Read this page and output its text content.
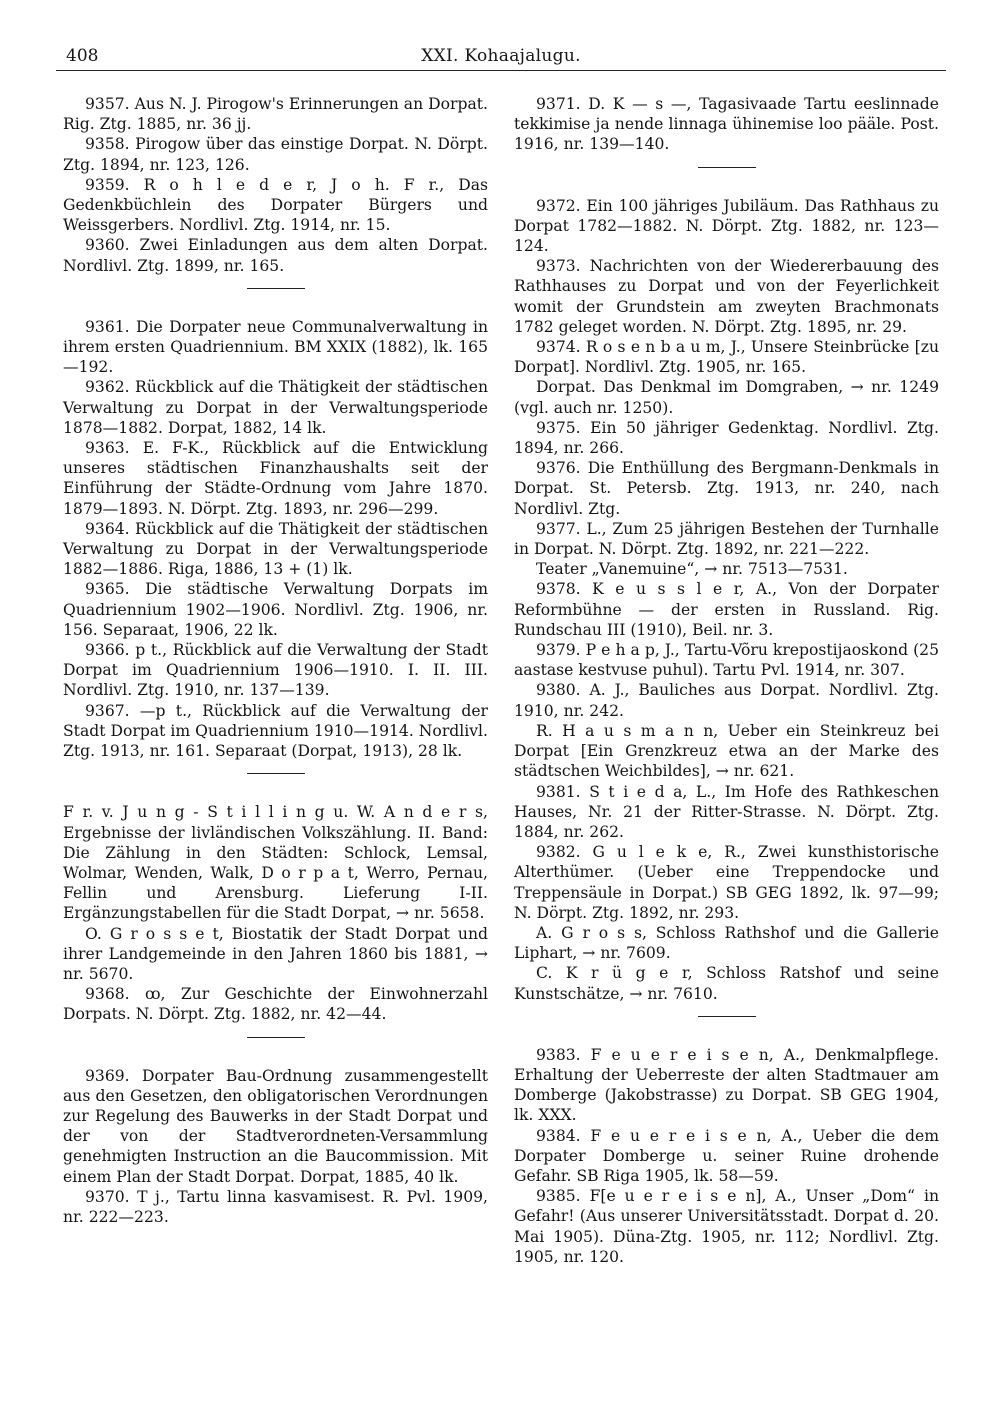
408	XXI. Kohaajalugu.

9357. Aus N. J. Pirogow's Erinnerungen an Dorpat. Rig. Ztg. 1885, nr. 36 jj.

9358. Pirogow über das einstige Dorpat. N. Dörpt. Ztg. 1894, nr. 123, 126.

9359. R o h l e d e r, J o h. F r., Das Gedenkbüchlein des Dorpater Bürgers und Weissgerbers. Nordlivl. Ztg. 1914, nr. 15.

9360. Zwei Einladungen aus dem alten Dorpat. Nordlivl. Ztg. 1899, nr. 165.

9361. Die Dorpater neue Communalverwaltung in ihrem ersten Quadriennium. BM XXIX (1882), lk. 165—192.

9362. Rückblick auf die Thätigkeit der städtischen Verwaltung zu Dorpat in der Verwaltungsperiode 1878—1882. Dorpat, 1882, 14 lk.

9363. E. F-K., Rückblick auf die Entwicklung unseres städtischen Finanzhaushalts seit der Einführung der Städte-Ordnung vom Jahre 1870. 1879—1893. N. Dörpt. Ztg. 1893, nr. 296—299.

9364. Rückblick auf die Thätigkeit der städtischen Verwaltung zu Dorpat in der Verwaltungsperiode 1882—1886. Riga, 1886, 13 + (1) lk.

9365. Die städtische Verwaltung Dorpats im Quadriennium 1902—1906. Nordlivl. Ztg. 1906, nr. 156. Separaat, 1906, 22 lk.

9366. p t., Rückblick auf die Verwaltung der Stadt Dorpat im Quadriennium 1906—1910. I. II. III. Nordlivl. Ztg. 1910, nr. 137—139.

9367. —p t., Rückblick auf die Verwaltung der Stadt Dorpat im Quadriennium 1910—1914. Nordlivl. Ztg. 1913, nr. 161. Separaat (Dorpat, 1913), 28 lk.

F r. v. J u n g - S t i l l i n g u. W. A n d e r s, Ergebnisse der livländischen Volkszählung. II. Band: Die Zählung in den Städten: Schlock, Lemsal, Wolmar, Wenden, Walk, D o r p a t, Werro, Pernau, Fellin und Arensburg. Lieferung I-II. Ergänzungstabellen für die Stadt Dorpat, → nr. 5658.

O. G r o s s e t, Biostatik der Stadt Dorpat und ihrer Landgemeinde in den Jahren 1860 bis 1881, → nr. 5670.

9368. ꝏ, Zur Geschichte der Einwohnerzahl Dorpats. N. Dörpt. Ztg. 1882, nr. 42—44.

9369. Dorpater Bau-Ordnung zusammengestellt aus den Gesetzen, den obligatorischen Verordnungen zur Regelung des Bauwerks in der Stadt Dorpat und der von der Stadtverordneten-Versammlung genehmigten Instruction an die Baucommission. Mit einem Plan der Stadt Dorpat. Dorpat, 1885, 40 lk.

9370. T j., Tartu linna kasvamisest. R. Pvl. 1909, nr. 222—223.

9371. D. K — s —, Tagasivaade Tartu eeslinnade tekkimise ja nende linnaga ühinemise loo pääle. Post. 1916, nr. 139—140.

9372. Ein 100 jähriges Jubiläum. Das Rathhaus zu Dorpat 1782—1882. N. Dörpt. Ztg. 1882, nr. 123—124.

9373. Nachrichten von der Wiedererbauung des Rathhauses zu Dorpat und von der Feyerlichkeit womit der Grundstein am zweyten Brachmonats 1782 geleget worden. N. Dörpt. Ztg. 1895, nr. 29.

9374. R o s e n b a u m, J., Unsere Steinbrücke [zu Dorpat]. Nordlivl. Ztg. 1905, nr. 165.

Dorpat. Das Denkmal im Domgraben, → nr. 1249 (vgl. auch nr. 1250).

9375. Ein 50 jähriger Gedenktag. Nordlivl. Ztg. 1894, nr. 266.

9376. Die Enthüllung des Bergmann-Denkmals in Dorpat. St. Petersb. Ztg. 1913, nr. 240, nach Nordlivl. Ztg.

9377. L., Zum 25 jährigen Bestehen der Turnhalle in Dorpat. N. Dörpt. Ztg. 1892, nr. 221—222.

Teater „Vanemuine“, → nr. 7513—7531.

9378. K e u s s l e r, A., Von der Dorpater Reformbühne — der ersten in Russland. Rig. Rundschau III (1910), Beil. nr. 3.

9379. P e h a p, J., Tartu-Võru krepostijaoskond (25 aastase kestvuse puhul). Tartu Pvl. 1914, nr. 307.

9380. A. J., Bauliches aus Dorpat. Nordlivl. Ztg. 1910, nr. 242.

R. H a u s m a n n, Ueber ein Steinkreuz bei Dorpat [Ein Grenzkreuz etwa an der Marke des städtschen Weichbildes], → nr. 621.

9381. S t i e d a, L., Im Hofe des Rathkeschen Hauses, Nr. 21 der Ritter-Strasse. N. Dörpt. Ztg. 1884, nr. 262.

9382. G u l e k e, R., Zwei kunsthistorische Alterthümer. (Ueber eine Treppendocke und Treppensäule in Dorpat.) SB GEG 1892, lk. 97—99; N. Dörpt. Ztg. 1892, nr. 293.

A. G r o s s, Schloss Rathshof und die Gallerie Liphart, → nr. 7609.

C. K r ü g e r, Schloss Ratshof und seine Kunstschätze, → nr. 7610.

9383. F e u e r e i s e n, A., Denkmalpflege. Erhaltung der Ueberreste der alten Stadtmauer am Domberge (Jakobstrasse) zu Dorpat. SB GEG 1904, lk. XXX.

9384. F e u e r e i s e n, A., Ueber die dem Dorpater Domberge u. seiner Ruine drohende Gefahr. SB Riga 1905, lk. 58—59.

9385. F[e u e r e i s e n], A., Unser „Dom“ in Gefahr! (Aus unserer Universitätsstadt. Dorpat d. 20. Mai 1905). Düna-Ztg. 1905, nr. 112; Nordlivl. Ztg. 1905, nr. 120.
